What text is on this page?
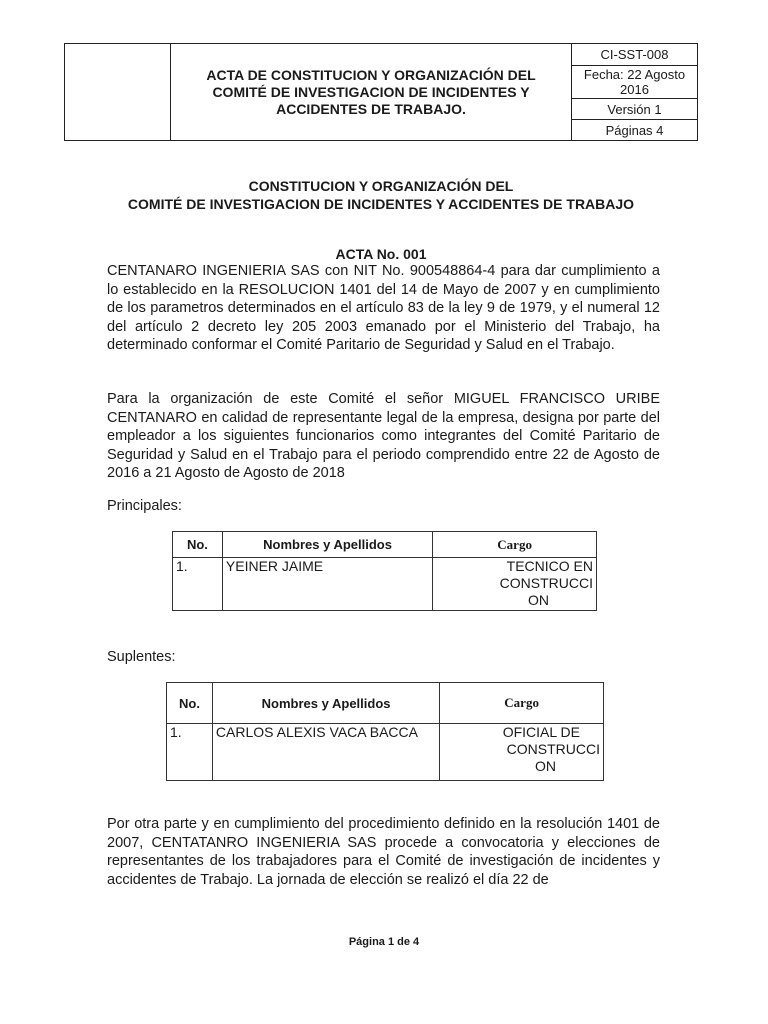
ACTA DE CONSTITUCION Y ORGANIZACIÓN DEL
COMITÉ DE INVESTIGACION DE INCIDENTES Y
ACCIDENTES DE TRABAJO.
CI-SST-008
Fecha: 22 Agosto
2016
Versión 1
Páginas 4
CONSTITUCION Y ORGANIZACIÓN DEL
COMITÉ DE INVESTIGACION DE INCIDENTES Y ACCIDENTES DE TRABAJO
ACTA No. 001
CENTANARO INGENIERIA SAS con NIT No. 900548864-4 para dar cumplimiento a lo establecido en la RESOLUCION 1401 del 14 de Mayo de 2007 y en cumplimiento de los parametros determinados en el artículo 83 de la ley 9 de 1979, y el numeral 12 del artículo 2 decreto ley 205 2003 emanado por el Ministerio del Trabajo, ha determinado conformar el Comité Paritario de Seguridad y Salud en el Trabajo.
Para la organización de este Comité el señor MIGUEL FRANCISCO URIBE CENTANARO en calidad de representante legal de la empresa, designa por parte del empleador a los siguientes funcionarios como integrantes del Comité Paritario de Seguridad y Salud en el Trabajo para el periodo comprendido entre 22 de Agosto de 2016 a 21 Agosto de Agosto de 2018
Principales:
No.	Nombres y Apellidos	Cargo
1.	YEINER JAIME	TECNICO EN
CONSTRUCCI
ON
Suplentes:
No.	Nombres y Apellidos	Cargo
1.	CARLOS ALEXIS VACA BACCA	OFICIAL DE
CONSTRUCCI
ON
Por otra parte y en cumplimiento del procedimiento definido en la resolución 1401 de 2007, CENTATANRO INGENIERIA SAS procede a convocatoria y elecciones de representantes de los trabajadores para el Comité de investigación de incidentes y accidentes de Trabajo. La jornada de elección se realizó el día 22 de
Página 1 de 4
